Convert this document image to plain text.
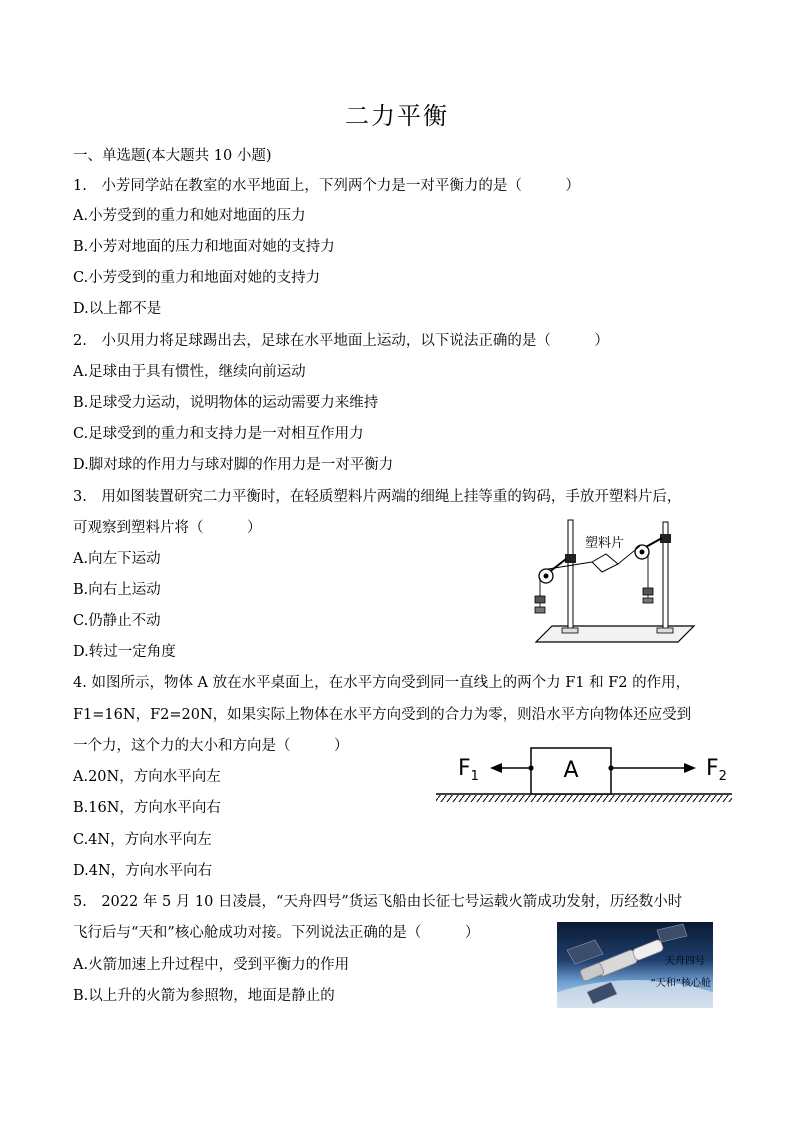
二力平衡
一、单选题(本大题共 10 小题)
1.　小芳同学站在教室的水平地面上，下列两个力是一对平衡力的是（　　　）
A.小芳受到的重力和她对地面的压力
B.小芳对地面的压力和地面对她的支持力
C.小芳受到的重力和地面对她的支持力
D.以上都不是
2.　小贝用力将足球踢出去，足球在水平地面上运动，以下说法正确的是（　　　）
A.足球由于具有惯性，继续向前运动
B.足球受力运动，说明物体的运动需要力来维持
C.足球受到的重力和支持力是一对相互作用力
D.脚对球的作用力与球对脚的作用力是一对平衡力
3.　用如图装置研究二力平衡时，在轻质塑料片两端的细绳上挂等重的钩码，手放开塑料片后，
可观察到塑料片将（　　　）
A.向左下运动
B.向右上运动
C.仍静止不动
D.转过一定角度
塑料片
4. 如图所示，物体 A 放在水平桌面上，在水平方向受到同一直线上的两个力 F1 和 F2 的作用，
F1=16N，F2=20N，如果实际上物体在水平方向受到的合力为零，则沿水平方向物体还应受到
一个力，这个力的大小和方向是（　　　）
A.20N，方向水平向左
B.16N，方向水平向右
C.4N，方向水平向左
D.4N，方向水平向右
A
$F_1$	$F_2$
5.　2022 年 5 月 10 日凌晨，“天舟四号”货运飞船由长征七号运载火箭成功发射，历经数小时
飞行后与“天和”核心舱成功对接。下列说法正确的是（　　　）
A.火箭加速上升过程中，受到平衡力的作用
B.以上升的火箭为参照物，地面是静止的
天舟四号
“天和”核心舱
